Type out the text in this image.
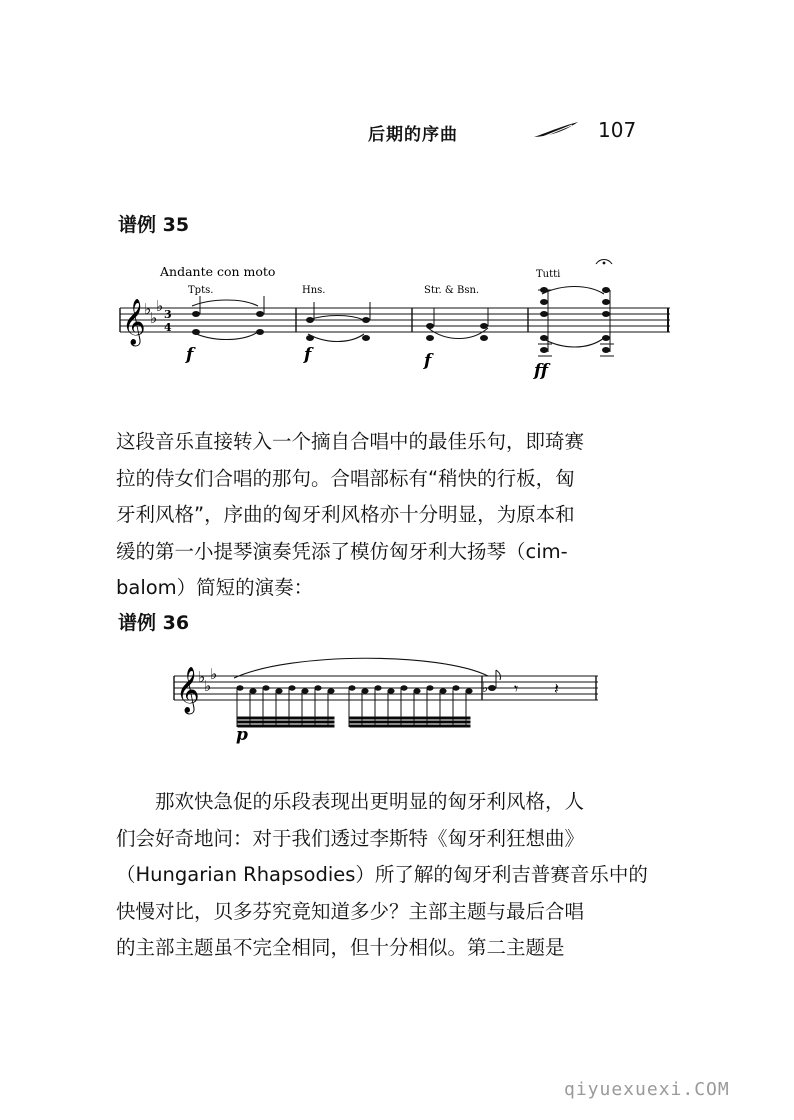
后期的序曲	107
谱例 35
Andante con moto
Tpts.	Hns.	Str. & Bsn.
Tutti
𝄞
♭
♭
♭ 3
4
f	f	f	ff
这段音乐直接转入一个摘自合唱中的最佳乐句，即琦赛
拉的侍女们合唱的那句。合唱部标有“稍快的行板，匈
牙利风格”，序曲的匈牙利风格亦十分明显，为原本和
缓的第一小提琴演奏凭添了模仿匈牙利大扬琴（cim-
balom）简短的演奏：
谱例 36
𝄞
♭
♭
♭
♭ 𝄾 𝄽
p
那欢快急促的乐段表现出更明显的匈牙利风格，人
们会好奇地问：对于我们透过李斯特《匈牙利狂想曲》
（Hungarian Rhapsodies）所了解的匈牙利吉普赛音乐中的
快慢对比，贝多芬究竟知道多少？主部主题与最后合唱
的主部主题虽不完全相同，但十分相似。第二主题是
qiyuexuexi.COM
